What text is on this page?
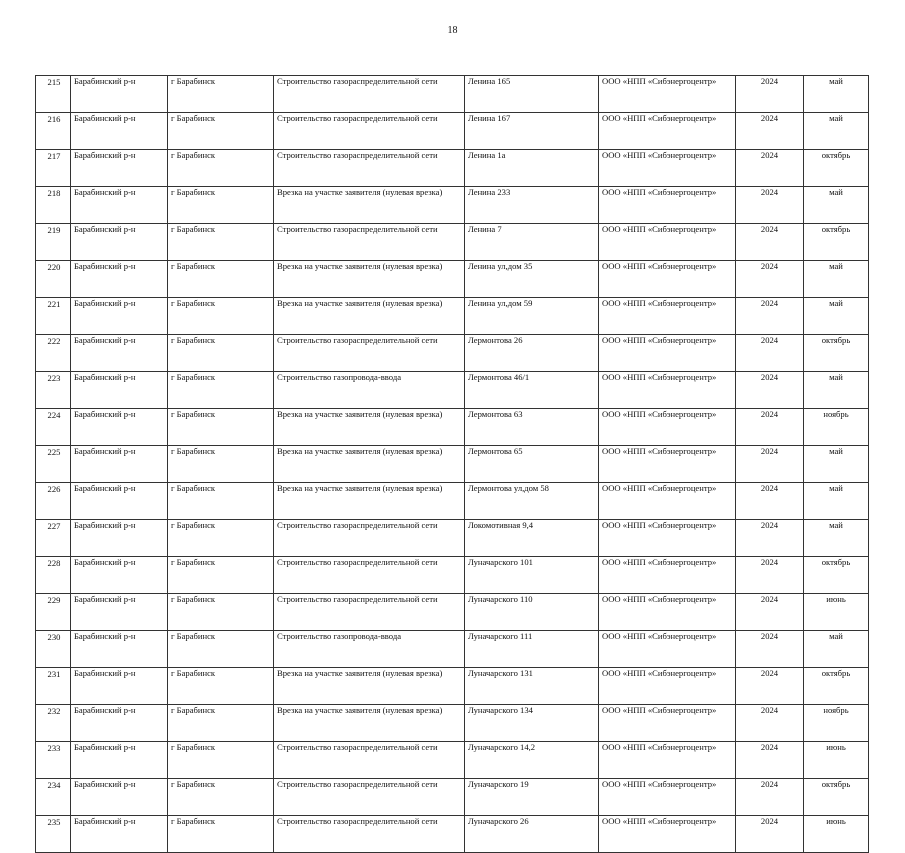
18
215	Барабинский р-н	г Барабинск	Строительство газораспределительной сети	Ленина 165	ООО «НПП «Сибэнергоцентр»	2024	май
216	Барабинский р-н	г Барабинск	Строительство газораспределительной сети	Ленина 167	ООО «НПП «Сибэнергоцентр»	2024	май
217	Барабинский р-н	г Барабинск	Строительство газораспределительной сети	Ленина 1а	ООО «НПП «Сибэнергоцентр»	2024	октябрь
218	Барабинский р-н	г Барабинск	Врезка на участке заявителя (нулевая врезка)	Ленина 233	ООО «НПП «Сибэнергоцентр»	2024	май
219	Барабинский р-н	г Барабинск	Строительство газораспределительной сети	Ленина 7	ООО «НПП «Сибэнергоцентр»	2024	октябрь
220	Барабинский р-н	г Барабинск	Врезка на участке заявителя (нулевая врезка)	Ленина ул,дом 35	ООО «НПП «Сибэнергоцентр»	2024	май
221	Барабинский р-н	г Барабинск	Врезка на участке заявителя (нулевая врезка)	Ленина ул,дом 59	ООО «НПП «Сибэнергоцентр»	2024	май
222	Барабинский р-н	г Барабинск	Строительство газораспределительной сети	Лермонтова 26	ООО «НПП «Сибэнергоцентр»	2024	октябрь
223	Барабинский р-н	г Барабинск	Строительство газопровода-ввода	Лермонтова 46/1	ООО «НПП «Сибэнергоцентр»	2024	май
224	Барабинский р-н	г Барабинск	Врезка на участке заявителя (нулевая врезка)	Лермонтова 63	ООО «НПП «Сибэнергоцентр»	2024	ноябрь
225	Барабинский р-н	г Барабинск	Врезка на участке заявителя (нулевая врезка)	Лермонтова 65	ООО «НПП «Сибэнергоцентр»	2024	май
226	Барабинский р-н	г Барабинск	Врезка на участке заявителя (нулевая врезка)	Лермонтова ул,дом 58	ООО «НПП «Сибэнергоцентр»	2024	май
227	Барабинский р-н	г Барабинск	Строительство газораспределительной сети	Локомотивная 9,4	ООО «НПП «Сибэнергоцентр»	2024	май
228	Барабинский р-н	г Барабинск	Строительство газораспределительной сети	Луначарского 101	ООО «НПП «Сибэнергоцентр»	2024	октябрь
229	Барабинский р-н	г Барабинск	Строительство газораспределительной сети	Луначарского 110	ООО «НПП «Сибэнергоцентр»	2024	июнь
230	Барабинский р-н	г Барабинск	Строительство газопровода-ввода	Луначарского 111	ООО «НПП «Сибэнергоцентр»	2024	май
231	Барабинский р-н	г Барабинск	Врезка на участке заявителя (нулевая врезка)	Луначарского 131	ООО «НПП «Сибэнергоцентр»	2024	октябрь
232	Барабинский р-н	г Барабинск	Врезка на участке заявителя (нулевая врезка)	Луначарского 134	ООО «НПП «Сибэнергоцентр»	2024	ноябрь
233	Барабинский р-н	г Барабинск	Строительство газораспределительной сети	Луначарского 14,2	ООО «НПП «Сибэнергоцентр»	2024	июнь
234	Барабинский р-н	г Барабинск	Строительство газораспределительной сети	Луначарского 19	ООО «НПП «Сибэнергоцентр»	2024	октябрь
235	Барабинский р-н	г Барабинск	Строительство газораспределительной сети	Луначарского 26	ООО «НПП «Сибэнергоцентр»	2024	июнь
